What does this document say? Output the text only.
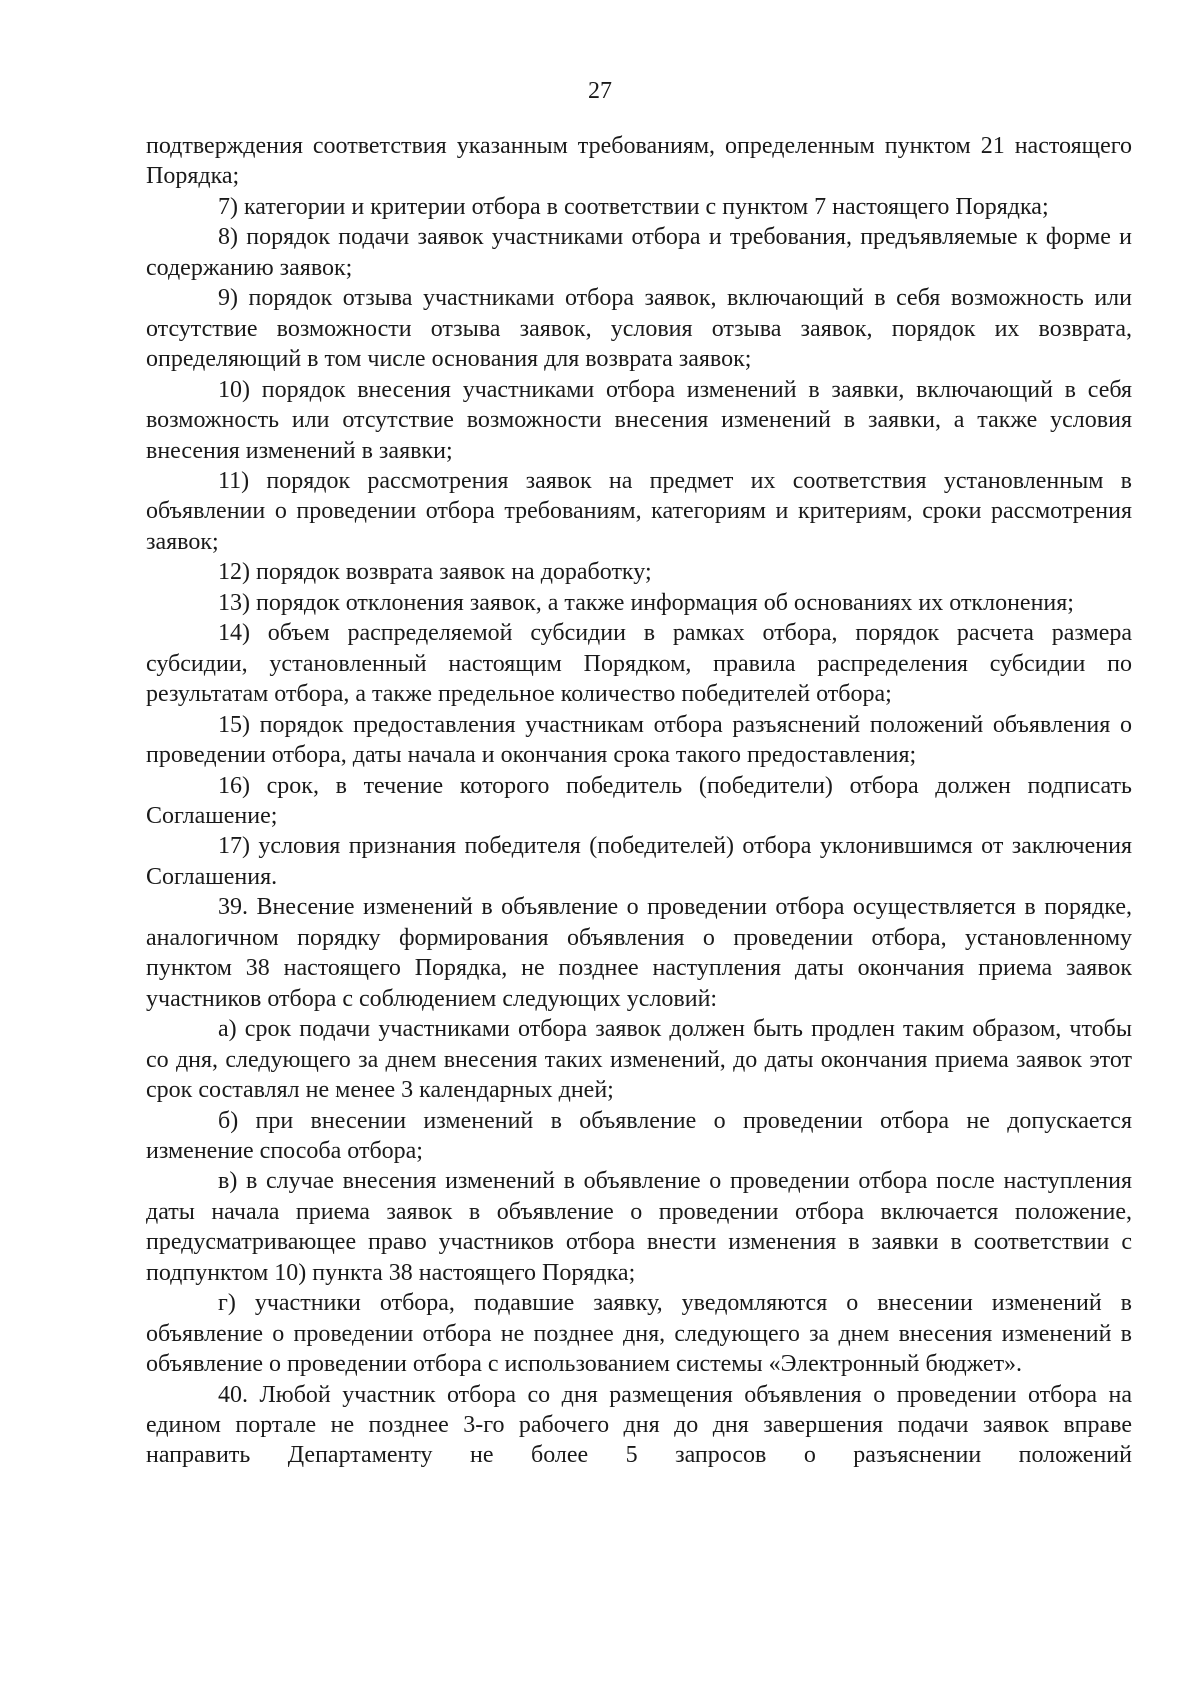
27

подтверждения соответствия указанным требованиям, определенным пунктом 21 настоящего Порядка;

7) категории и критерии отбора в соответствии с пунктом 7 настоящего Порядка;

8) порядок подачи заявок участниками отбора и требования, предъявляемые к форме и содержанию заявок;

9) порядок отзыва участниками отбора заявок, включающий в себя возможность или отсутствие возможности отзыва заявок, условия отзыва заявок, порядок их возврата, определяющий в том числе основания для возврата заявок;

10) порядок внесения участниками отбора изменений в заявки, включающий в себя возможность или отсутствие возможности внесения изменений в заявки, а также условия внесения изменений в заявки;

11) порядок рассмотрения заявок на предмет их соответствия установленным в объявлении о проведении отбора требованиям, категориям и критериям, сроки рассмотрения заявок;

12) порядок возврата заявок на доработку;

13) порядок отклонения заявок, а также информация об основаниях их отклонения;

14) объем распределяемой субсидии в рамках отбора, порядок расчета размера субсидии, установленный настоящим Порядком, правила распределения субсидии по результатам отбора, а также предельное количество победителей отбора;

15) порядок предоставления участникам отбора разъяснений положений объявления о проведении отбора, даты начала и окончания срока такого предоставления;

16) срок, в течение которого победитель (победители) отбора должен подписать Соглашение;

17) условия признания победителя (победителей) отбора уклонившимся от заключения Соглашения.

39. Внесение изменений в объявление о проведении отбора осуществляется в порядке, аналогичном порядку формирования объявления о проведении отбора, установленному пунктом 38 настоящего Порядка, не позднее наступления даты окончания приема заявок участников отбора с соблюдением следующих условий:

а) срок подачи участниками отбора заявок должен быть продлен таким образом, чтобы со дня, следующего за днем внесения таких изменений, до даты окончания приема заявок этот срок составлял не менее 3 календарных дней;

б) при внесении изменений в объявление о проведении отбора не допускается изменение способа отбора;

в) в случае внесения изменений в объявление о проведении отбора после наступления даты начала приема заявок в объявление о проведении отбора включается положение, предусматривающее право участников отбора внести изменения в заявки в соответствии с подпунктом 10) пункта 38 настоящего Порядка;

г) участники отбора, подавшие заявку, уведомляются о внесении изменений в объявление о проведении отбора не позднее дня, следующего за днем внесения изменений в объявление о проведении отбора с использованием системы «Электронный бюджет».

40. Любой участник отбора со дня размещения объявления о проведении отбора на едином портале не позднее 3-го рабочего дня до дня завершения подачи заявок вправе направить Департаменту не более 5 запросов о разъяснении положений
